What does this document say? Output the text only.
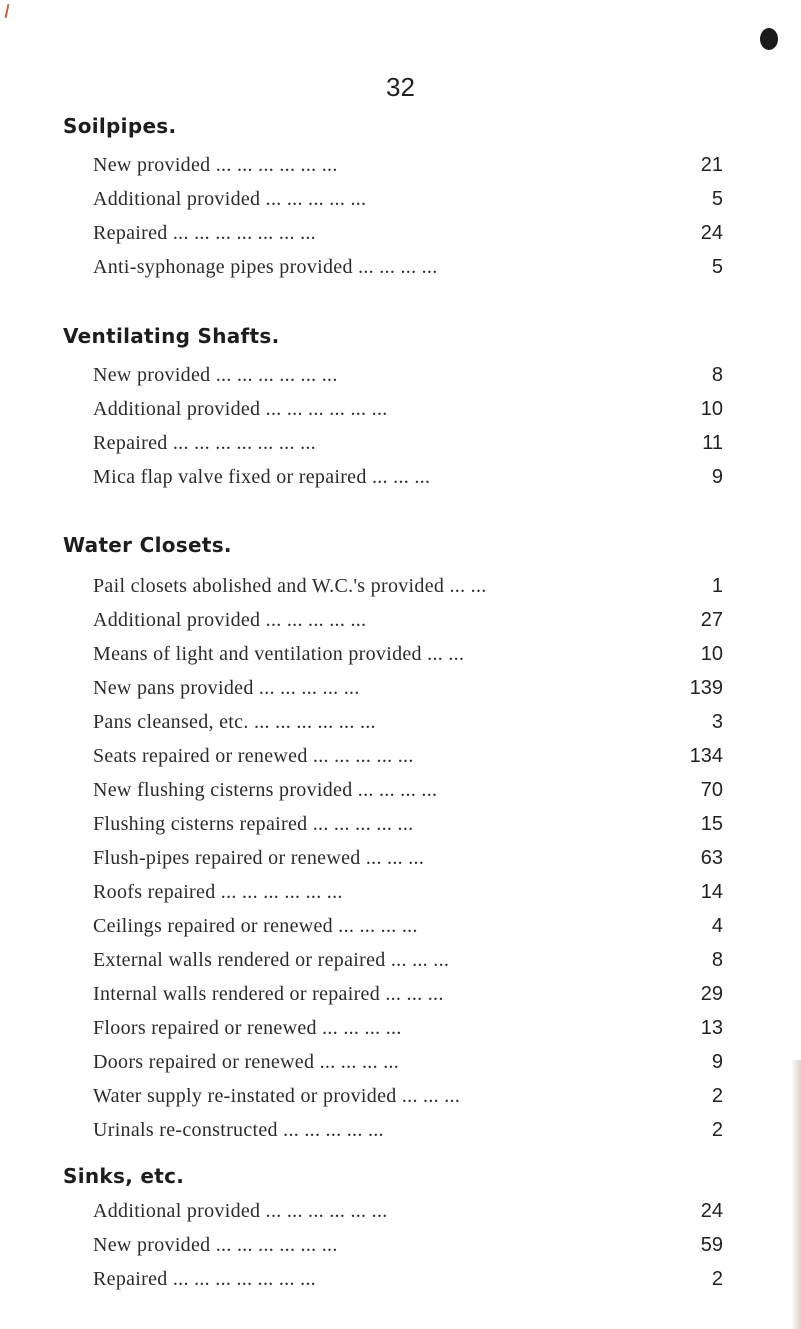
32
Soilpipes.
New provided ... ... ... ... ... ...	21
Additional provided ... ... ... ... ...	5
Repaired ... ... ... ... ... ... ...	24
Anti-syphonage pipes provided ... ... ... ...	5
Ventilating Shafts.
New provided ... ... ... ... ... ...	8
Additional provided ... ... ... ... ... ...	10
Repaired ... ... ... ... ... ... ...	11
Mica flap valve fixed or repaired ... ... ...	9
Water Closets.
Pail closets abolished and W.C.'s provided ... ...	1
Additional provided ... ... ... ... ...	27
Means of light and ventilation provided ... ...	10
New pans provided ... ... ... ... ...	139
Pans cleansed, etc. ... ... ... ... ... ...	3
Seats repaired or renewed ... ... ... ... ...	134
New flushing cisterns provided ... ... ... ...	70
Flushing cisterns repaired ... ... ... ... ...	15
Flush-pipes repaired or renewed ... ... ...	63
Roofs repaired ... ... ... ... ... ...	14
Ceilings repaired or renewed ... ... ... ...	4
External walls rendered or repaired ... ... ...	8
Internal walls rendered or repaired ... ... ...	29
Floors repaired or renewed ... ... ... ...	13
Doors repaired or renewed ... ... ... ...	9
Water supply re-instated or provided ... ... ...	2
Urinals re-constructed ... ... ... ... ...	2
Sinks, etc.
Additional provided ... ... ... ... ... ...	24
New provided ... ... ... ... ... ...	59
Repaired ... ... ... ... ... ... ...	2
